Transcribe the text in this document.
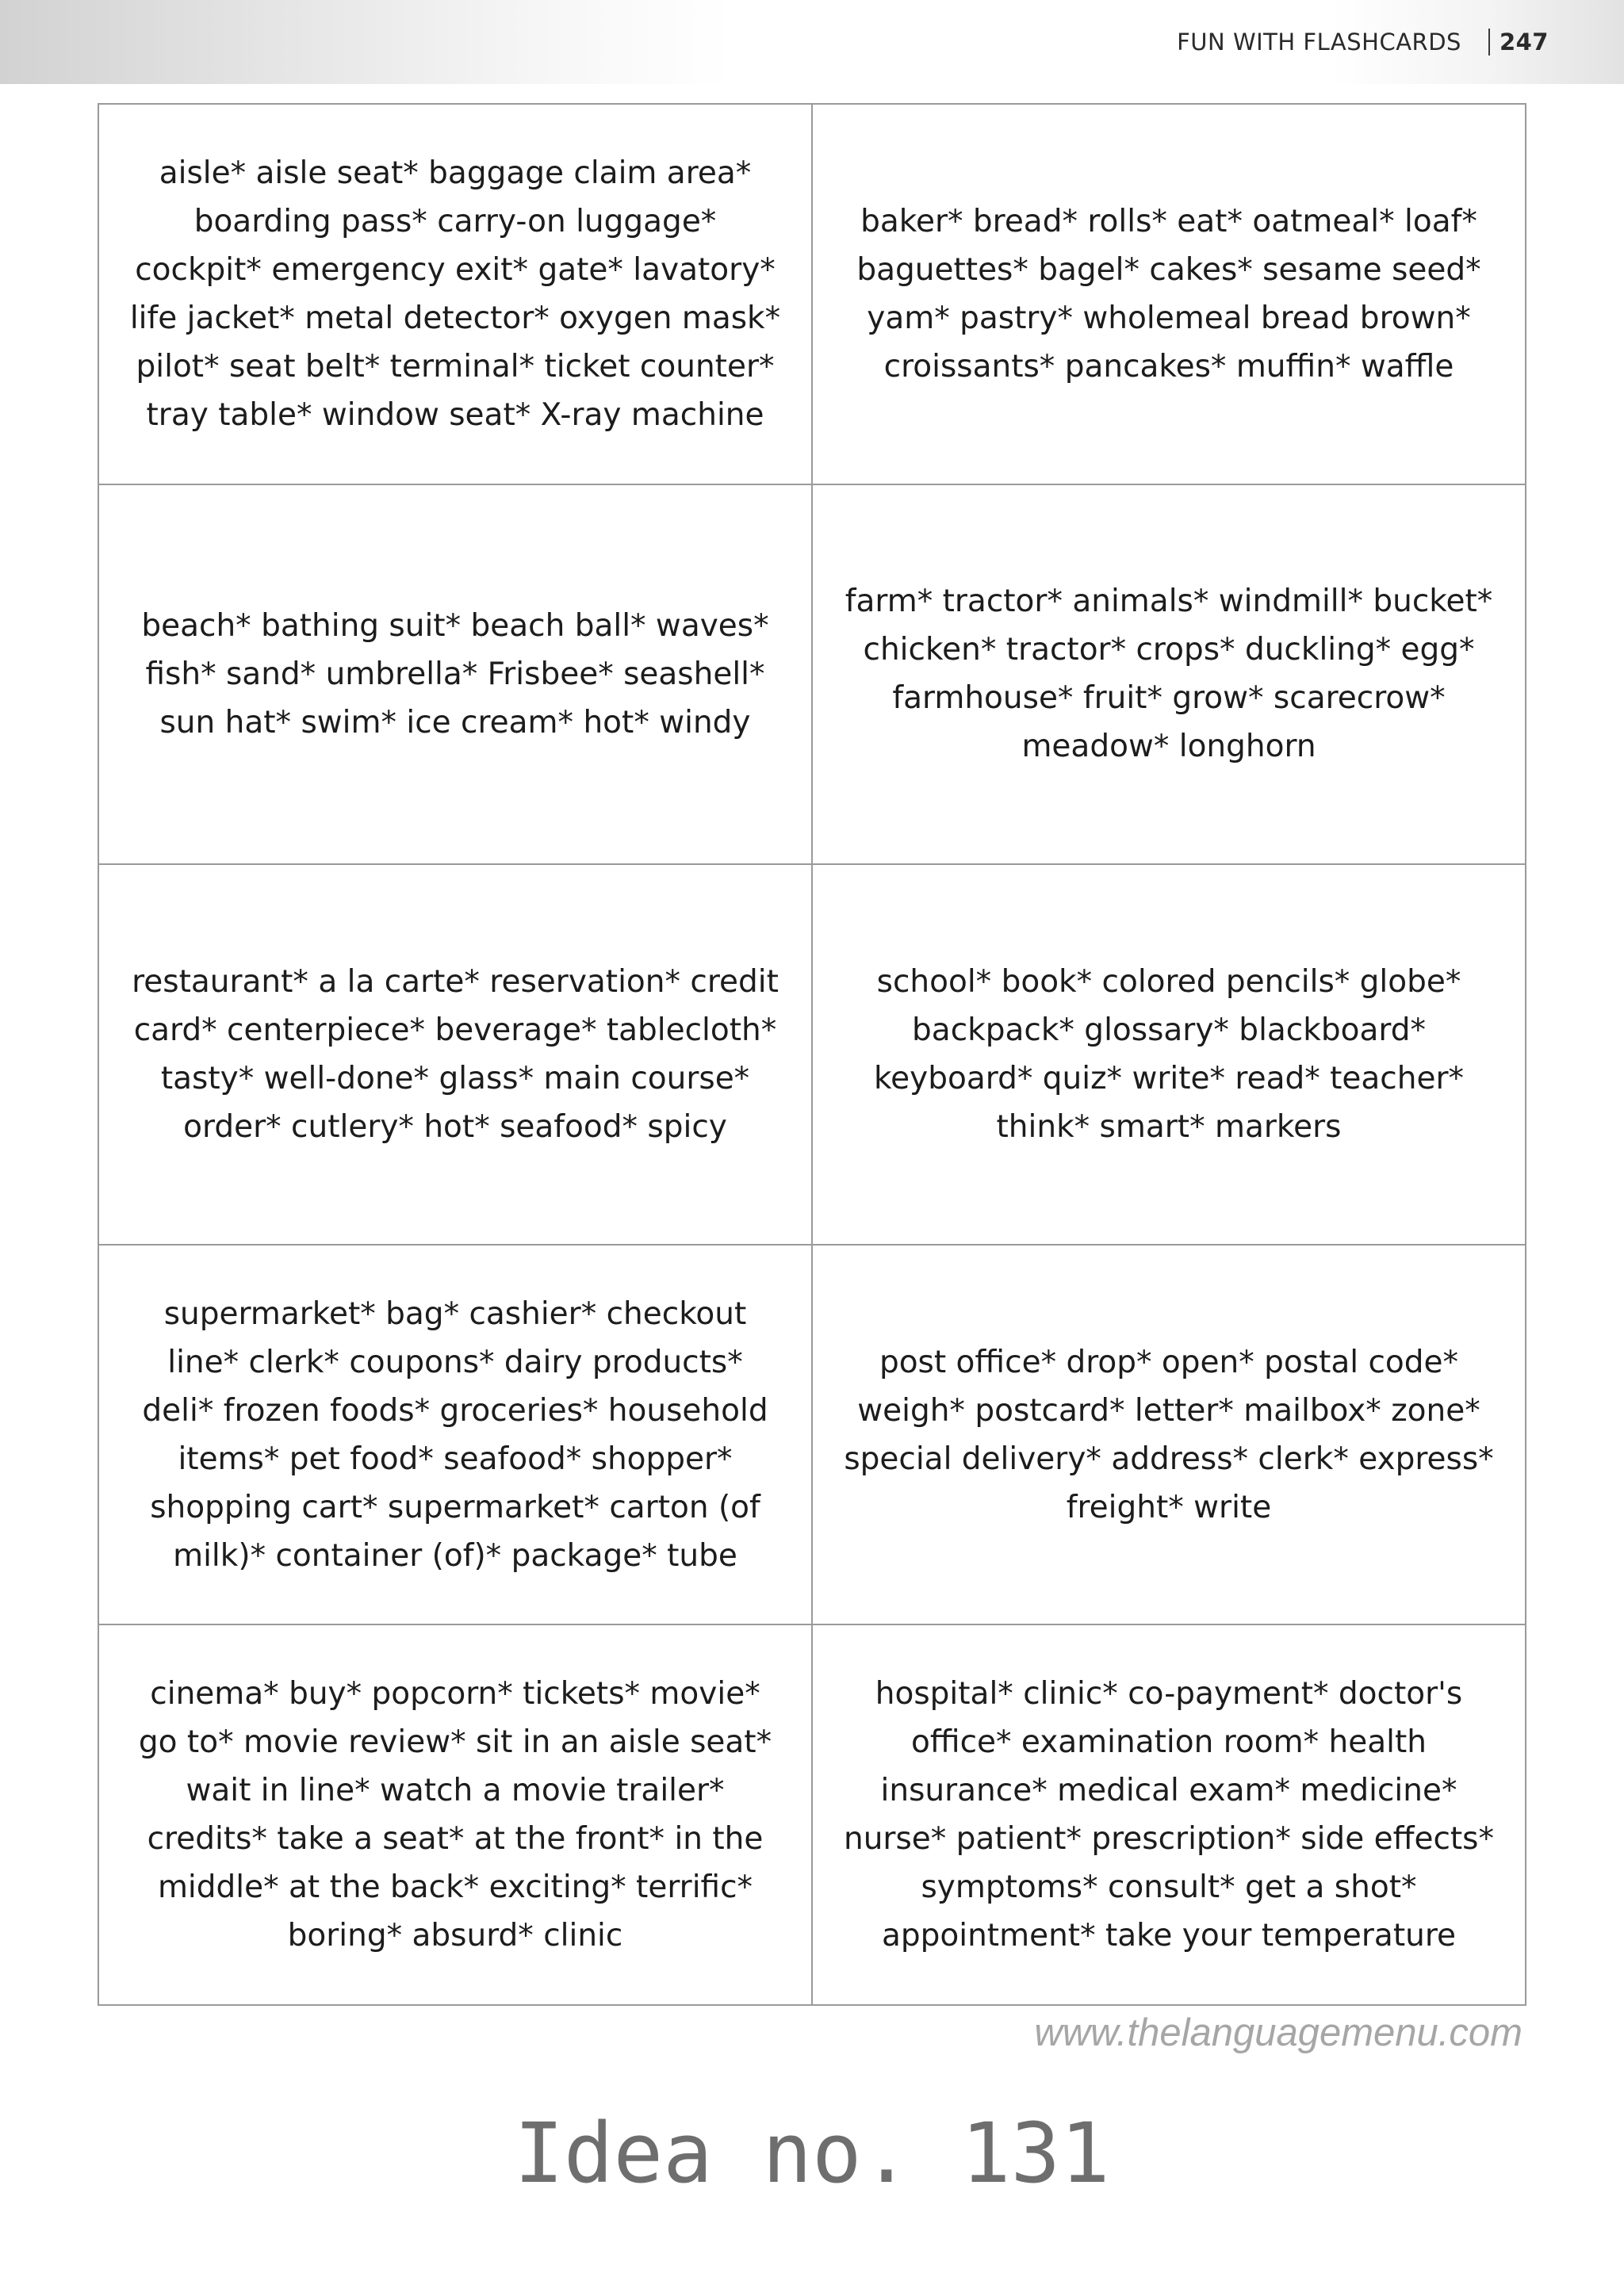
FUN WITH FLASHCARDS 247
aisle* aisle seat* baggage claim area* boarding pass* carry-on luggage* cockpit* emergency exit* gate* lavatory* life jacket* metal detector* oxygen mask* pilot* seat belt* terminal* ticket counter* tray table* window seat* X-ray machine
baker* bread* rolls* eat* oatmeal* loaf* baguettes* bagel* cakes* sesame seed* yam* pastry* wholemeal bread brown* croissants* pancakes* muffin* waffle
beach* bathing suit* beach ball* waves* fish* sand* umbrella* Frisbee* seashell* sun hat* swim* ice cream* hot* windy
farm* tractor* animals* windmill* bucket* chicken* tractor* crops* duckling* egg* farmhouse* fruit* grow* scarecrow* meadow* longhorn
restaurant* a la carte* reservation* credit card* centerpiece* beverage* tablecloth* tasty* well-done* glass* main course* order* cutlery* hot* seafood* spicy
school* book* colored pencils* globe* backpack* glossary* blackboard* keyboard* quiz* write* read* teacher* think* smart* markers
supermarket* bag* cashier* checkout line* clerk* coupons* dairy products* deli* frozen foods* groceries* household items* pet food* seafood* shopper* shopping cart* supermarket* carton (of milk)* container (of)* package* tube
post office* drop* open* postal code* weigh* postcard* letter* mailbox* zone* special delivery* address* clerk* express* freight* write
cinema* buy* popcorn* tickets* movie* go to* movie review* sit in an aisle seat* wait in line* watch a movie trailer* credits* take a seat* at the front* in the middle* at the back* exciting* terrific* boring* absurd* clinic
hospital* clinic* co-payment* doctor's office* examination room* health insurance* medical exam* medicine* nurse* patient* prescription* side effects* symptoms* consult* get a shot* appointment* take your temperature
www.thelanguagemenu.com
Idea no. 131
